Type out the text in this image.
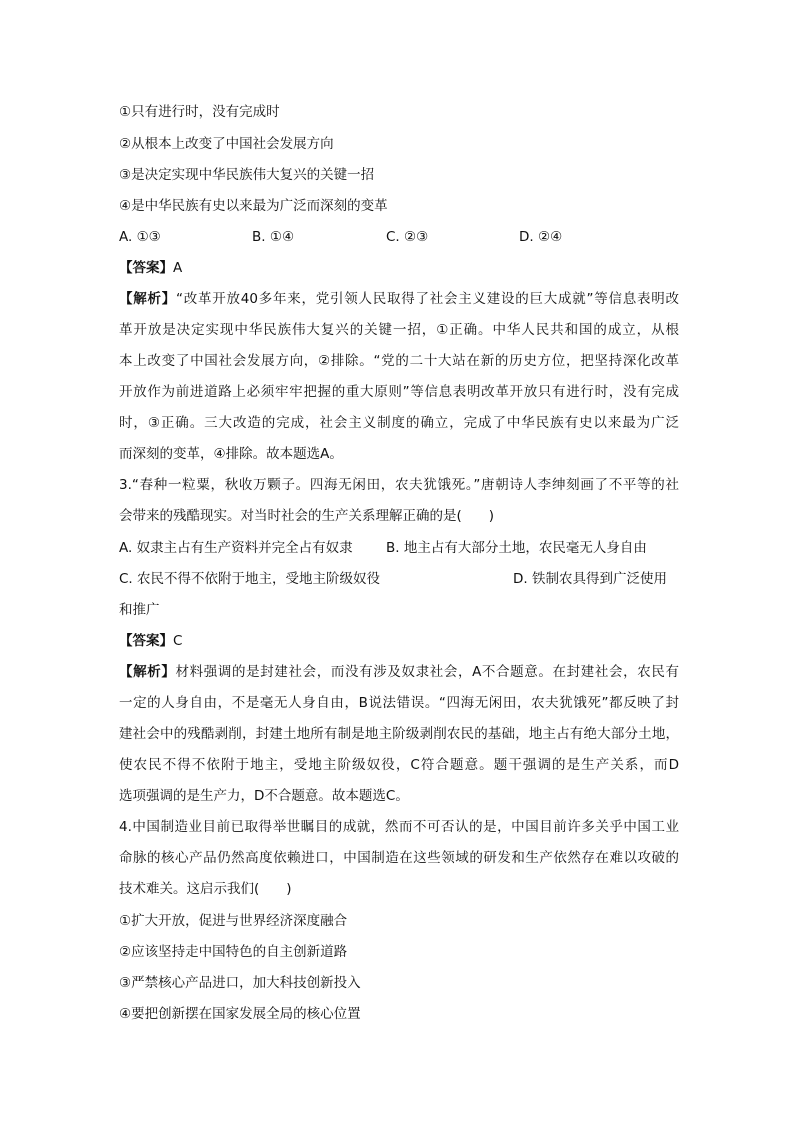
①只有进行时，没有完成时
②从根本上改变了中国社会发展方向
③是决定实现中华民族伟大复兴的关键一招
④是中华民族有史以来最为广泛而深刻的变革
A. ①③	B. ①④	C. ②③	D. ②④
【答案】A
【解析】“改革开放40多年来，党引领人民取得了社会主义建设的巨大成就”等信息表明改
革开放是决定实现中华民族伟大复兴的关键一招，①正确。中华人民共和国的成立，从根
本上改变了中国社会发展方向，②排除。“党的二十大站在新的历史方位，把坚持深化改革
开放作为前进道路上必须牢牢把握的重大原则”等信息表明改革开放只有进行时，没有完成
时，③正确。三大改造的完成，社会主义制度的确立，完成了中华民族有史以来最为广泛
而深刻的变革，④排除。故本题选A。
3.“春种一粒粟，秋收万颗子。四海无闲田，农夫犹饿死。”唐朝诗人李绅刻画了不平等的社
会带来的残酷现实。对当时社会的生产关系理解正确的是(　　)
A. 奴隶主占有生产资料并完全占有奴隶 B. 地主占有大部分土地，农民毫无人身自由
C. 农民不得不依附于地主，受地主阶级奴役	D. 铁制农具得到广泛使用
和推广
【答案】C
【解析】材料强调的是封建社会，而没有涉及奴隶社会，A不合题意。在封建社会，农民有
一定的人身自由，不是毫无人身自由，B说法错误。“四海无闲田，农夫犹饿死”都反映了封
建社会中的残酷剥削，封建土地所有制是地主阶级剥削农民的基础，地主占有绝大部分土地，
使农民不得不依附于地主，受地主阶级奴役，C符合题意。题干强调的是生产关系，而D
选项强调的是生产力，D不合题意。故本题选C。
4.中国制造业目前已取得举世瞩目的成就，然而不可否认的是，中国目前许多关乎中国工业
命脉的核心产品仍然高度依赖进口，中国制造在这些领域的研发和生产依然存在难以攻破的
技术难关。这启示我们(　　)
①扩大开放，促进与世界经济深度融合
②应该坚持走中国特色的自主创新道路
③严禁核心产品进口，加大科技创新投入
④要把创新摆在国家发展全局的核心位置
